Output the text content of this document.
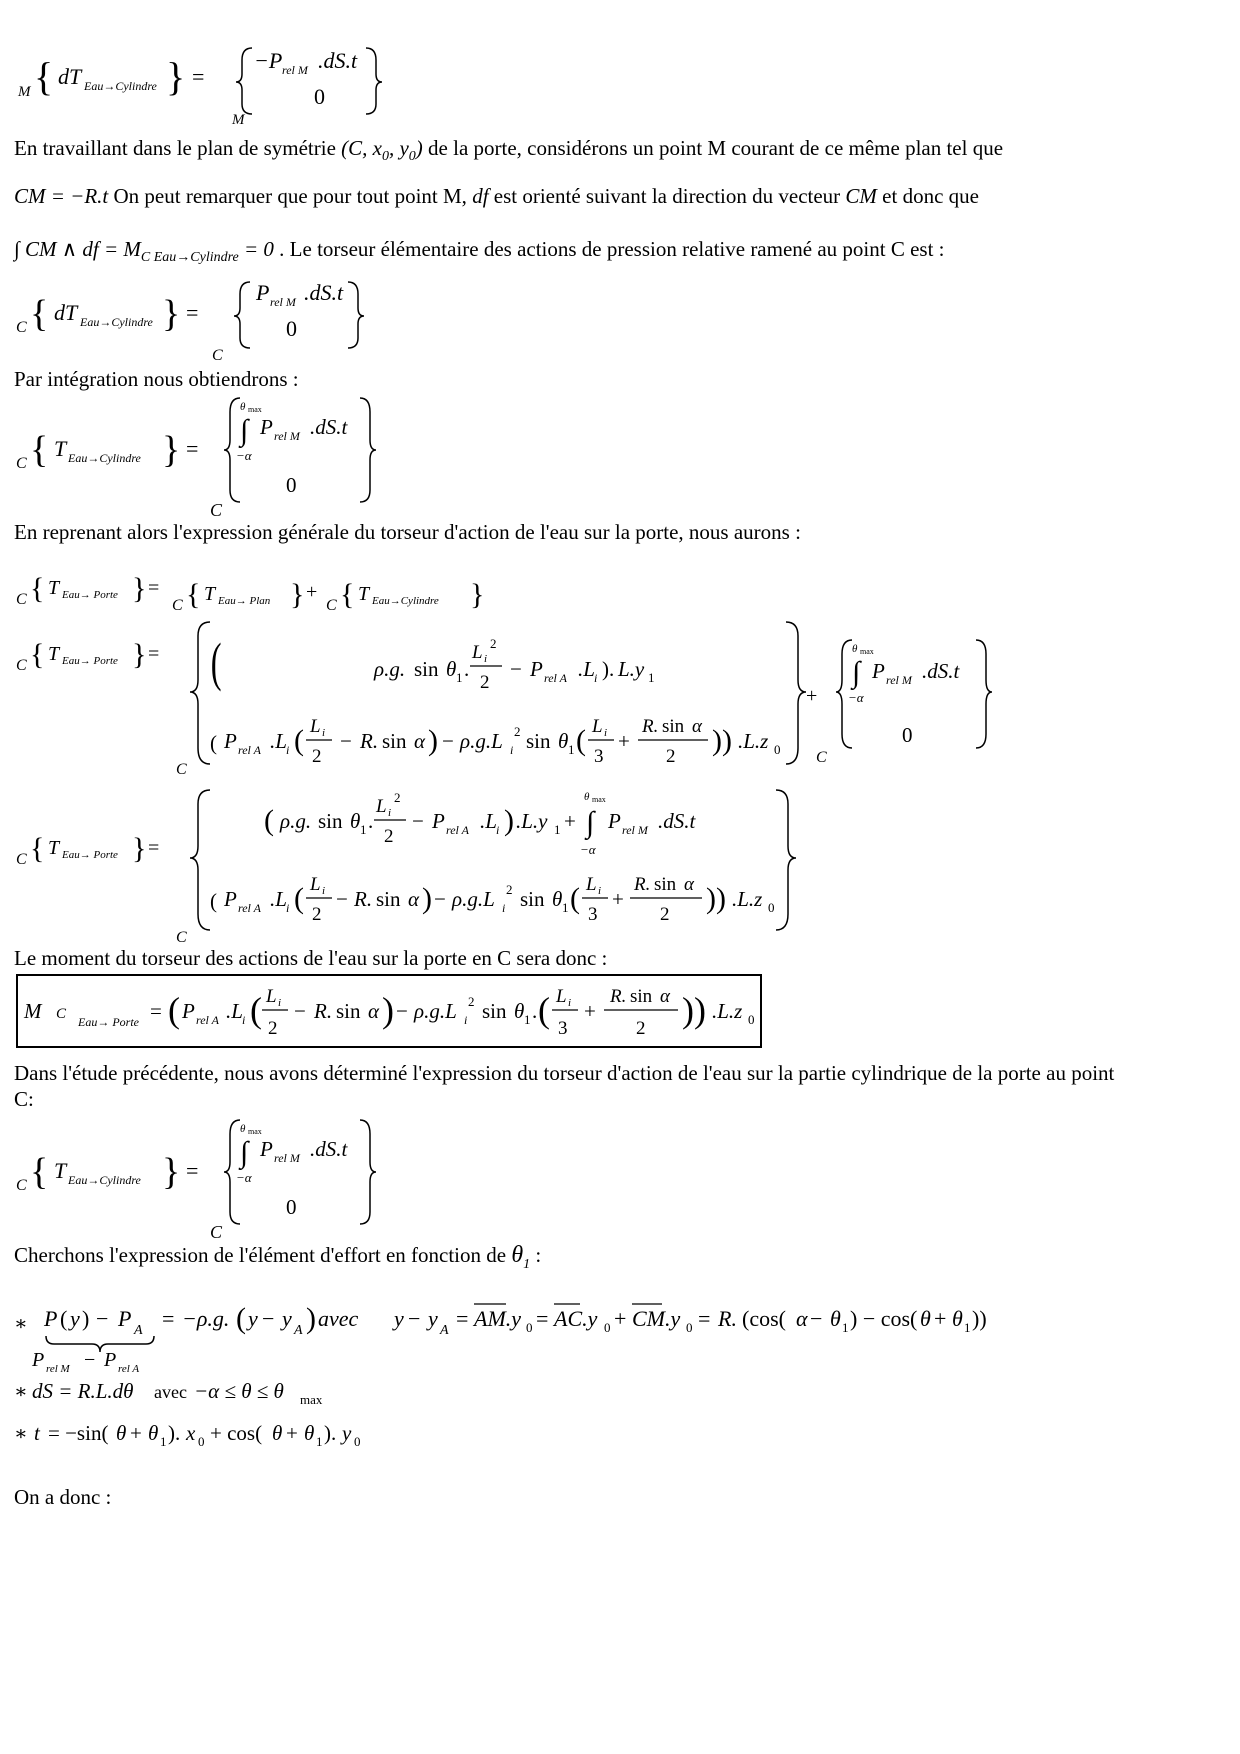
M { dT Eau→Cylindre } =
M
−P rel M .dS.t
0
En travaillant dans le plan de symétrie (C, $x_0$, $y_0$) de la porte, considérons un point M courant de ce même plan tel que
CM = −R.t On peut remarquer que pour tout point M, df est orienté suivant la direction du vecteur CM et donc que
∫ CM ∧ df = $M_{C Eau\to Cylindre} = 0$ . Le torseur élémentaire des actions de pression relative ramené au point C est :
C { dT Eau→Cylindre } =
C
P rel M .dS.t
0
Par intégration nous obtiendrons :
C { T Eau→Cylindre } =
C
θ max
∫
−α
P rel M .dS.t
0
En reprenant alors l'expression générale du torseur d'action de l'eau sur la porte, nous aurons :
C { T Eau→ Porte } =
C { T Eau→ Plan } +
C { T Eau→Cylindre }
C { T Eau→ Porte } =
C
(	ρ.g. sin θ 1 .
L i
2
2
− P rel A .L i ). L.y 1
( P rel A .L i ( L i
2
− R. sin α ) − ρ.g.L i
2 sin θ 1 ( L i
3
+
R. sin α
2 )) .L.z 0
+
C
θ max
∫
−α
P rel M .dS.t
0
C { T Eau→ Porte } =
C
( ρ.g. sin θ 1 .
L i
2
2
− P rel A .L i ) .L.y 1 +
θ max
∫
−α
P rel M .dS.t
( P rel A .L i ( L i
2
− R. sin α ) − ρ.g.L i
2 sin θ 1 ( L i
3
+
R. sin α
2 )) .L.z 0
Le moment du torseur des actions de l'eau sur la porte en C sera donc :
M C Eau→ Porte = ( P rel A .L i ( L i
2
− R. sin α ) − ρ.g.L i
2 sin θ 1 . ( L i
3
+
R. sin α
2 )) .L.z 0
Dans l'étude précédente, nous avons déterminé l'expression du torseur d'action de l'eau sur la partie cylindrique de la porte au point
C:
C { T Eau→Cylindre } =
C
θ max
∫
−α
P rel M .dS.t
0
Cherchons l'expression de l'élément d'effort en fonction de $\theta_1$ :
∗ P ( y ) − P A
P rel M − P rel A
= −ρ.g. ( y − y A ) avec y − y A = AM.y 0 = AC.y 0 + CM.y 0 = R. (cos( α − θ 1 ) − cos( θ + θ 1 ))
∗ dS = R.L.dθ avec −α ≤ θ ≤ θ max
∗ t = −sin( θ + θ 1 ). x 0 + cos( θ + θ 1 ). y 0
On a donc :
